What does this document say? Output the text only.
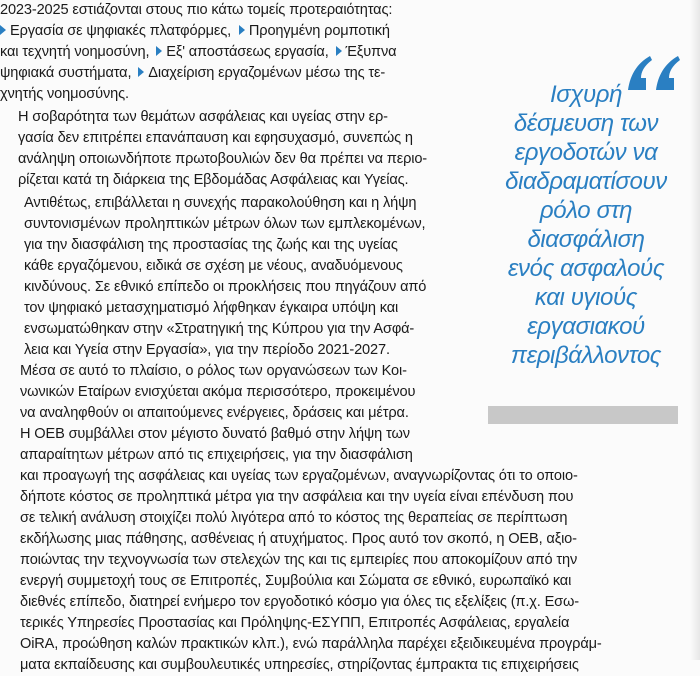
2023-2025 εστιάζονται στους πιο κάτω τομείς προτεραιότητας:
Εργασία σε ψηφιακές πλατφόρμες, Προηγμένη ρομποτική
και τεχνητή νοημοσύνη, Εξ' αποστάσεως εργασία, Έξυπνα
ψηφιακά συστήματα, Διαχείριση εργαζομένων μέσω της τε-
χνητής νοημοσύνης.
Η σοβαρότητα των θεμάτων ασφάλειας και υγείας στην ερ-
γασία δεν επιτρέπει επανάπαυση και εφησυχασμό, συνεπώς η
ανάληψη οποιωνδήποτε πρωτοβουλιών δεν θα πρέπει να περιο-
ρίζεται κατά τη διάρκεια της Εβδομάδας Ασφάλειας και Υγείας.
Αντιθέτως, επιβάλλεται η συνεχής παρακολούθηση και η λήψη
συντονισμένων προληπτικών μέτρων όλων των εμπλεκομένων,
για την διασφάλιση της προστασίας της ζωής και της υγείας
κάθε εργαζόμενου, ειδικά σε σχέση με νέους, αναδυόμενους
κινδύνους. Σε εθνικό επίπεδο οι προκλήσεις που πηγάζουν από
τον ψηφιακό μετασχηματισμό λήφθηκαν έγκαιρα υπόψη και
ενσωματώθηκαν στην «Στρατηγική της Κύπρου για την Ασφά-
λεια και Υγεία στην Εργασία», για την περίοδο 2021-2027.
Μέσα σε αυτό το πλαίσιο, ο ρόλος των οργανώσεων των Κοι-
νωνικών Εταίρων ενισχύεται ακόμα περισσότερο, προκειμένου
να αναληφθούν οι απαιτούμενες ενέργειες, δράσεις και μέτρα.
Η ΟΕΒ συμβάλλει στον μέγιστο δυνατό βαθμό στην λήψη των
απαραίτητων μέτρων από τις επιχειρήσεις, για την διασφάλιση
και προαγωγή της ασφάλειας και υγείας των εργαζομένων, αναγνωρίζοντας ότι το οποιο-
δήποτε κόστος σε προληπτικά μέτρα για την ασφάλεια και την υγεία είναι επένδυση που
σε τελική ανάλυση στοιχίζει πολύ λιγότερα από το κόστος της θεραπείας σε περίπτωση
εκδήλωσης μιας πάθησης, ασθένειας ή ατυχήματος. Προς αυτό τον σκοπό, η ΟΕΒ, αξιο-
ποιώντας την τεχνογνωσία των στελεχών της και τις εμπειρίες που αποκομίζουν από την
ενεργή συμμετοχή τους σε Επιτροπές, Συμβούλια και Σώματα σε εθνικό, ευρωπαϊκό και
διεθνές επίπεδο, διατηρεί ενήμερο τον εργοδοτικό κόσμο για όλες τις εξελίξεις (π.χ. Εσω-
τερικές Υπηρεσίες Προστασίας και Πρόληψης-ΕΣΥΠΠ, Επιτροπές Ασφάλειας, εργαλεία
OiRA, προώθηση καλών πρακτικών κλπ.), ενώ παράλληλα παρέχει εξειδικευμένα προγράμ-
ματα εκπαίδευσης και συμβουλευτικές υπηρεσίες, στηρίζοντας έμπρακτα τις επιχειρήσεις
Ισχυρή
δέσμευση των
εργοδοτών να
διαδραματίσουν
ρόλο στη
διασφάλιση
ενός ασφαλούς
και υγιούς
εργασιακού
περιβάλλοντος
